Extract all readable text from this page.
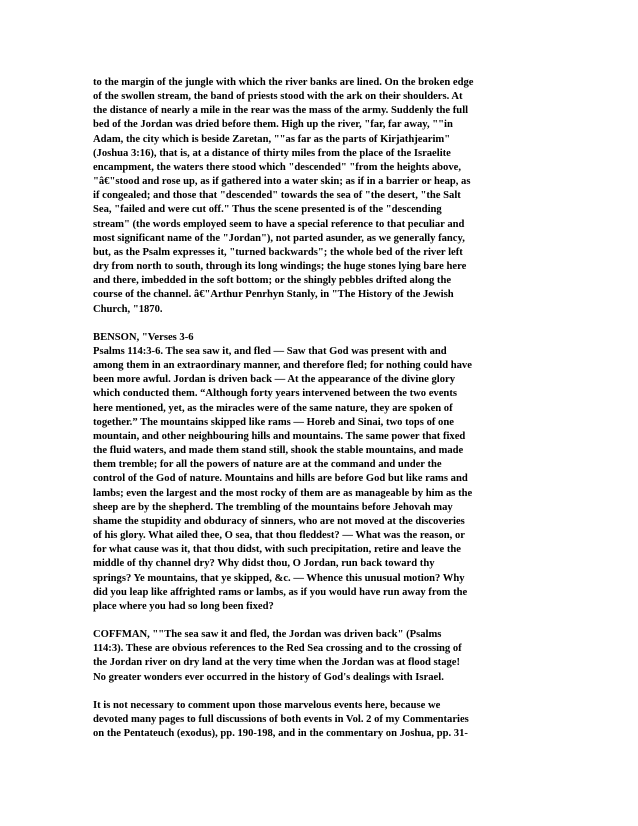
to the margin of the jungle with which the river banks are lined. On the broken edge
of the swollen stream, the band of priests stood with the ark on their shoulders. At
the distance of nearly a mile in the rear was the mass of the army. Suddenly the full
bed of the Jordan was dried before them. High up the river, "far, far away, ""in
Adam, the city which is beside Zaretan, ""as far as the parts of Kirjathjearim"
(Joshua 3:16), that is, at a distance of thirty miles from the place of the Israelite
encampment, the waters there stood which "descended" "from the heights above,
"â€"stood and rose up, as if gathered into a water skin; as if in a barrier or heap, as
if congealed; and those that "descended" towards the sea of "the desert, "the Salt
Sea, "failed and were cut off." Thus the scene presented is of the "descending
stream" (the words employed seem to have a special reference to that peculiar and
most significant name of the "Jordan"), not parted asunder, as we generally fancy,
but, as the Psalm expresses it, "turned backwards"; the whole bed of the river left
dry from north to south, through its long windings; the huge stones lying bare here
and there, imbedded in the soft bottom; or the shingly pebbles drifted along the
course of the channel. â€"Arthur Penrhyn Stanly, in "The History of the Jewish
Church, "1870.
BENSON, "Verses 3-6
Psalms 114:3-6. The sea saw it, and fled — Saw that God was present with and
among them in an extraordinary manner, and therefore fled; for nothing could have
been more awful. Jordan is driven back — At the appearance of the divine glory
which conducted them. “Although forty years intervened between the two events
here mentioned, yet, as the miracles were of the same nature, they are spoken of
together.” The mountains skipped like rams — Horeb and Sinai, two tops of one
mountain, and other neighbouring hills and mountains. The same power that fixed
the fluid waters, and made them stand still, shook the stable mountains, and made
them tremble; for all the powers of nature are at the command and under the
control of the God of nature. Mountains and hills are before God but like rams and
lambs; even the largest and the most rocky of them are as manageable by him as the
sheep are by the shepherd. The trembling of the mountains before Jehovah may
shame the stupidity and obduracy of sinners, who are not moved at the discoveries
of his glory. What ailed thee, O sea, that thou fleddest? — What was the reason, or
for what cause was it, that thou didst, with such precipitation, retire and leave the
middle of thy channel dry? Why didst thou, O Jordan, run back toward thy
springs? Ye mountains, that ye skipped, &c. — Whence this unusual motion? Why
did you leap like affrighted rams or lambs, as if you would have run away from the
place where you had so long been fixed?
COFFMAN, ""The sea saw it and fled, the Jordan was driven back" (Psalms
114:3). These are obvious references to the Red Sea crossing and to the crossing of
the Jordan river on dry land at the very time when the Jordan was at flood stage!
No greater wonders ever occurred in the history of God's dealings with Israel.
It is not necessary to comment upon those marvelous events here, because we
devoted many pages to full discussions of both events in Vol. 2 of my Commentaries
on the Pentateuch (exodus), pp. 190-198, and in the commentary on Joshua, pp. 31-
